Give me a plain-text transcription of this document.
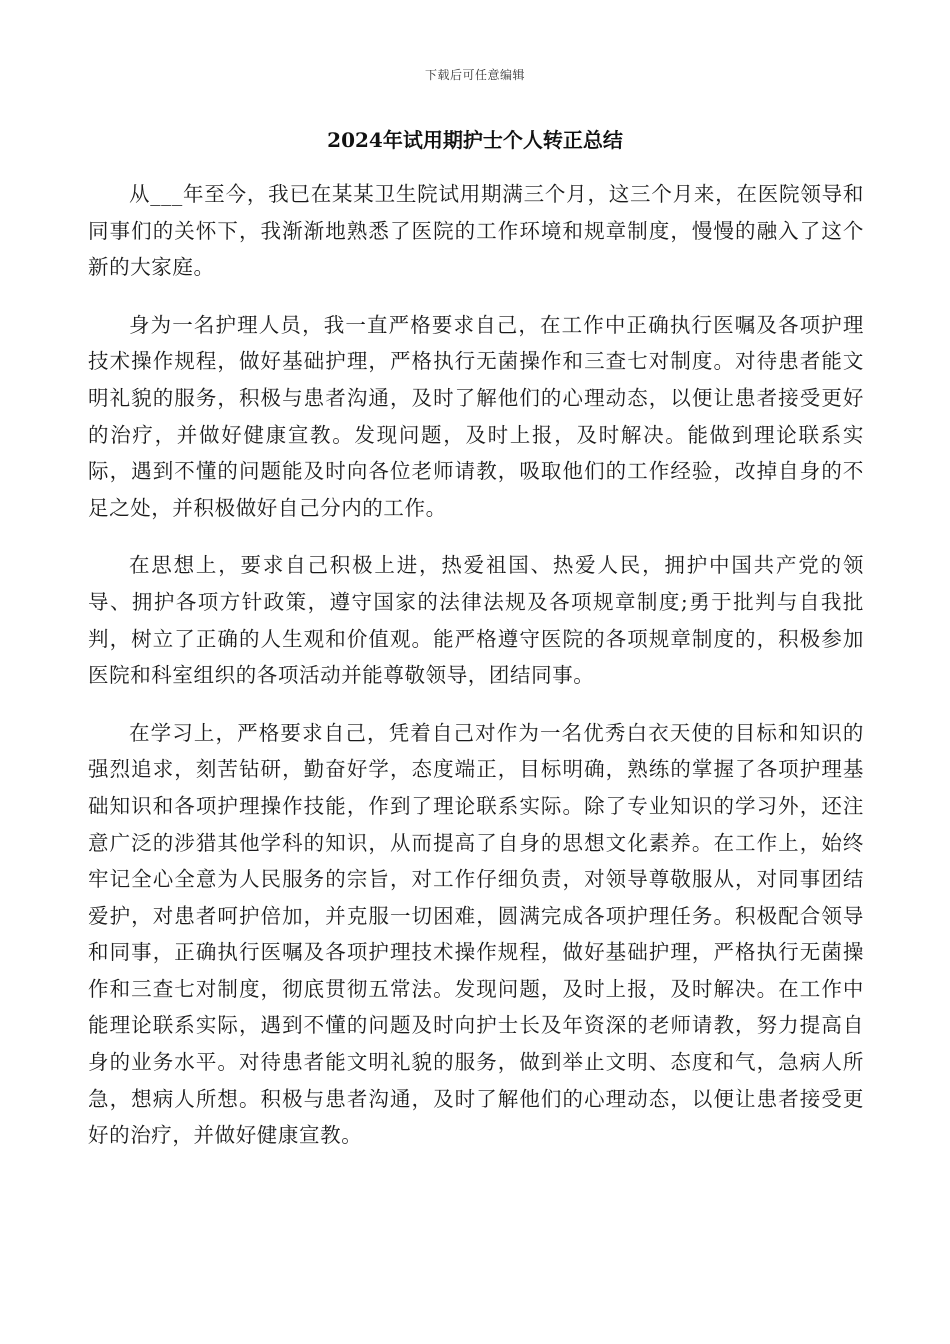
下载后可任意编辑
2024年试用期护士个人转正总结

从___年至今，我已在某某卫生院试用期满三个月，这三个月来，在医院领导和同事们的关怀下，我渐渐地熟悉了医院的工作环境和规章制度，慢慢的融入了这个新的大家庭。

身为一名护理人员，我一直严格要求自己，在工作中正确执行医嘱及各项护理技术操作规程，做好基础护理，严格执行无菌操作和三查七对制度。对待患者能文明礼貌的服务，积极与患者沟通，及时了解他们的心理动态，以便让患者接受更好的治疗，并做好健康宣教。发现问题，及时上报，及时解决。能做到理论联系实际，遇到不懂的问题能及时向各位老师请教，吸取他们的工作经验，改掉自身的不足之处，并积极做好自己分内的工作。

在思想上，要求自己积极上进，热爱祖国、热爱人民，拥护中国共产党的领导、拥护各项方针政策，遵守国家的法律法规及各项规章制度;勇于批判与自我批判，树立了正确的人生观和价值观。能严格遵守医院的各项规章制度的，积极参加医院和科室组织的各项活动并能尊敬领导，团结同事。

在学习上，严格要求自己，凭着自己对作为一名优秀白衣天使的目标和知识的强烈追求，刻苦钻研，勤奋好学，态度端正，目标明确，熟练的掌握了各项护理基础知识和各项护理操作技能，作到了理论联系实际。除了专业知识的学习外，还注意广泛的涉猎其他学科的知识，从而提高了自身的思想文化素养。在工作上，始终牢记全心全意为人民服务的宗旨，对工作仔细负责，对领导尊敬服从，对同事团结爱护，对患者呵护倍加，并克服一切困难，圆满完成各项护理任务。积极配合领导和同事，正确执行医嘱及各项护理技术操作规程，做好基础护理，严格执行无菌操作和三查七对制度，彻底贯彻五常法。发现问题，及时上报，及时解决。在工作中能理论联系实际，遇到不懂的问题及时向护士长及年资深的老师请教，努力提高自身的业务水平。对待患者能文明礼貌的服务，做到举止文明、态度和气，急病人所急，想病人所想。积极与患者沟通，及时了解他们的心理动态，以便让患者接受更好的治疗，并做好健康宣教。
